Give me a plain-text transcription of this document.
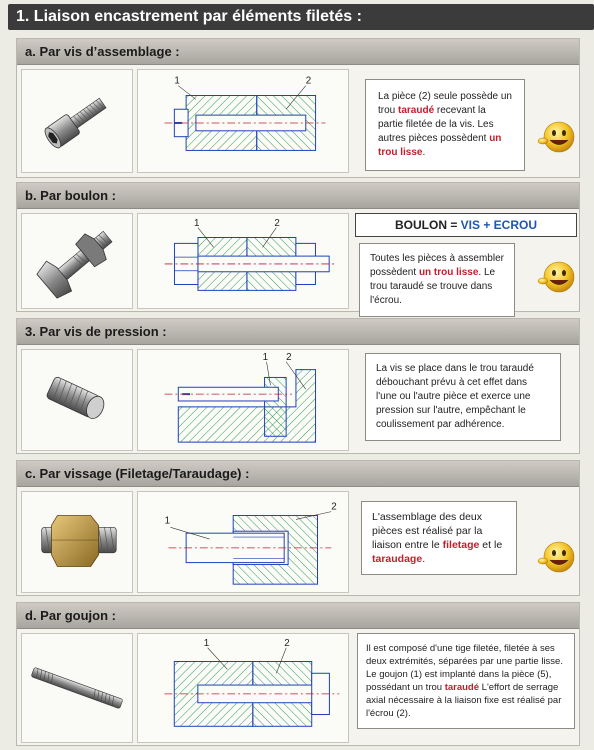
1. Liaison encastrement par éléments filetés :
a. Par vis d’assemblage :
1	2
La pièce (2) seule possède un trou taraudé recevant la partie filetée de la vis. Les autres pièces possèdent un trou lisse.
b. Par boulon :
1	2	BOULON = VIS + ECROU
Toutes les pièces à assembler possèdent un trou lisse. Le trou taraudé se trouve dans l'écrou.
3. Par vis de pression :
1 2
La vis se place dans le trou taraudé débouchant prévu à cet effet dans l'une ou l'autre pièce et exerce une pression sur l'autre, empêchant le coulissement par adhérence.
c. Par vissage (Filetage/Taraudage) :
1
2
L'assemblage des deux pièces est réalisé par la liaison entre le filetage et le taraudage.
d. Par goujon :
1	2	Il est composé d'une tige filetée, filetée à ses deux extrémités, séparées par une partie lisse. Le goujon (1) est implanté dans la pièce (5), possédant un trou taraudé L'effort de serrage axial nécessaire à la liaison fixe est réalisé par l'écrou (2).
